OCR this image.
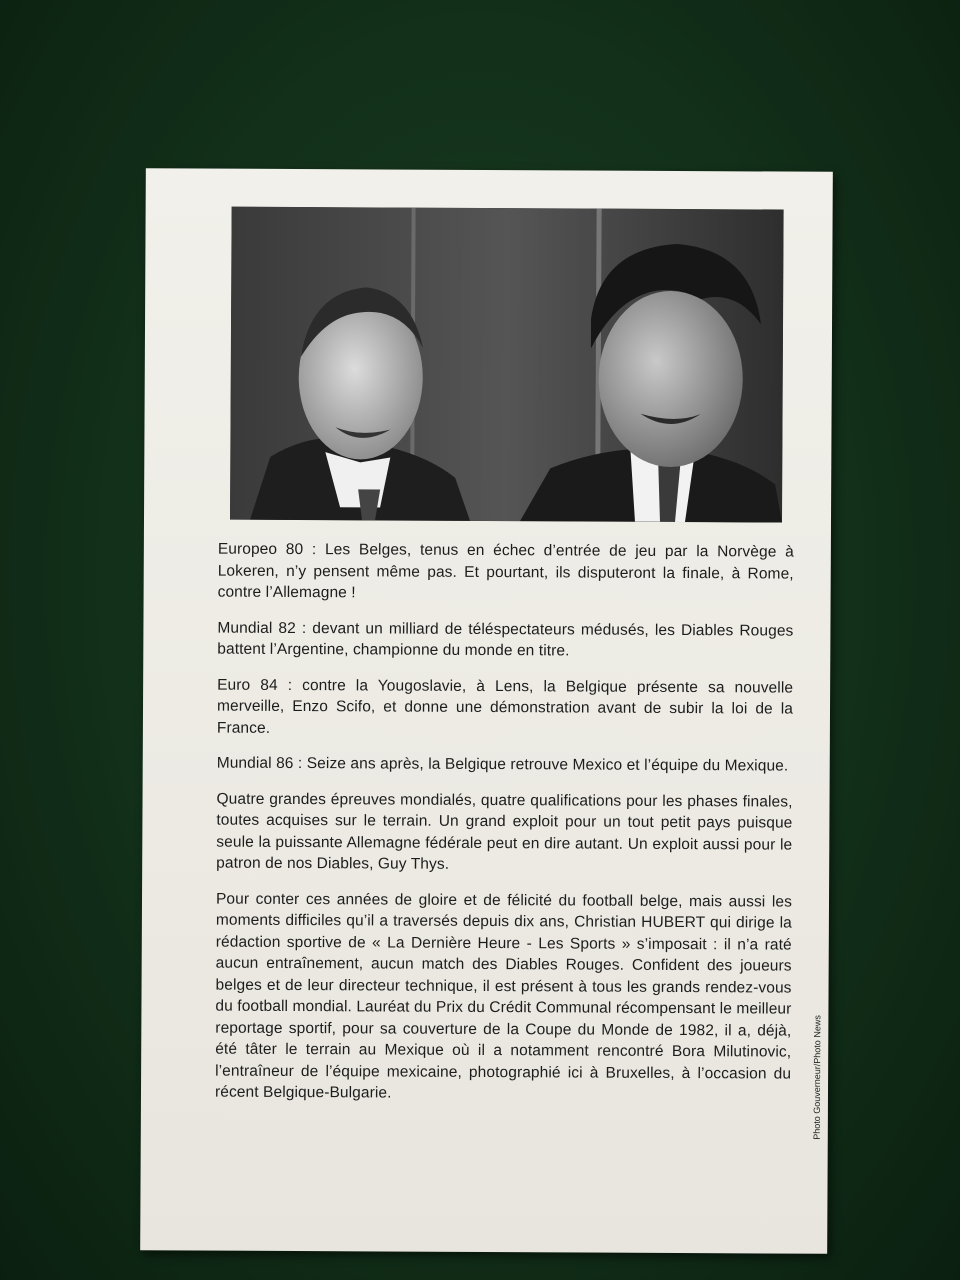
Europeo 80 : Les Belges, tenus en échec d’entrée de jeu par la Norvège à Lokeren, n’y pensent même pas. Et pourtant, ils disputeront la finale, à Rome, contre l’Allemagne !

Mundial 82 : devant un milliard de téléspectateurs médusés, les Diables Rouges battent l’Argentine, championne du monde en titre.

Euro 84 : contre la Yougoslavie, à Lens, la Belgique présente sa nouvelle merveille, Enzo Scifo, et donne une démonstration avant de subir la loi de la France.

Mundial 86 : Seize ans après, la Belgique retrouve Mexico et l’équipe du Mexique.

Quatre grandes épreuves mondialés, quatre qualifications pour les phases finales, toutes acquises sur le terrain. Un grand exploit pour un tout petit pays puisque seule la puissante Allemagne fédérale peut en dire autant. Un exploit aussi pour le patron de nos Diables, Guy Thys.

Pour conter ces années de gloire et de félicité du football belge, mais aussi les moments difficiles qu’il a traversés depuis dix ans, Christian HUBERT qui dirige la rédaction sportive de « La Dernière Heure - Les Sports » s’imposait : il n’a raté aucun entraînement, aucun match des Diables Rouges. Confident des joueurs belges et de leur directeur technique, il est présent à tous les grands rendez-vous du football mondial. Lauréat du Prix du Crédit Communal récompensant le meilleur reportage sportif, pour sa couverture de la Coupe du Monde de 1982, il a, déjà, été tâter le terrain au Mexique où il a notamment rencontré Bora Milutinovic, l’entraîneur de l’équipe mexicaine, photographié ici à Bruxelles, à l’occasion du récent Belgique-Bulgarie.	Photo Gouverneur/Photo News
